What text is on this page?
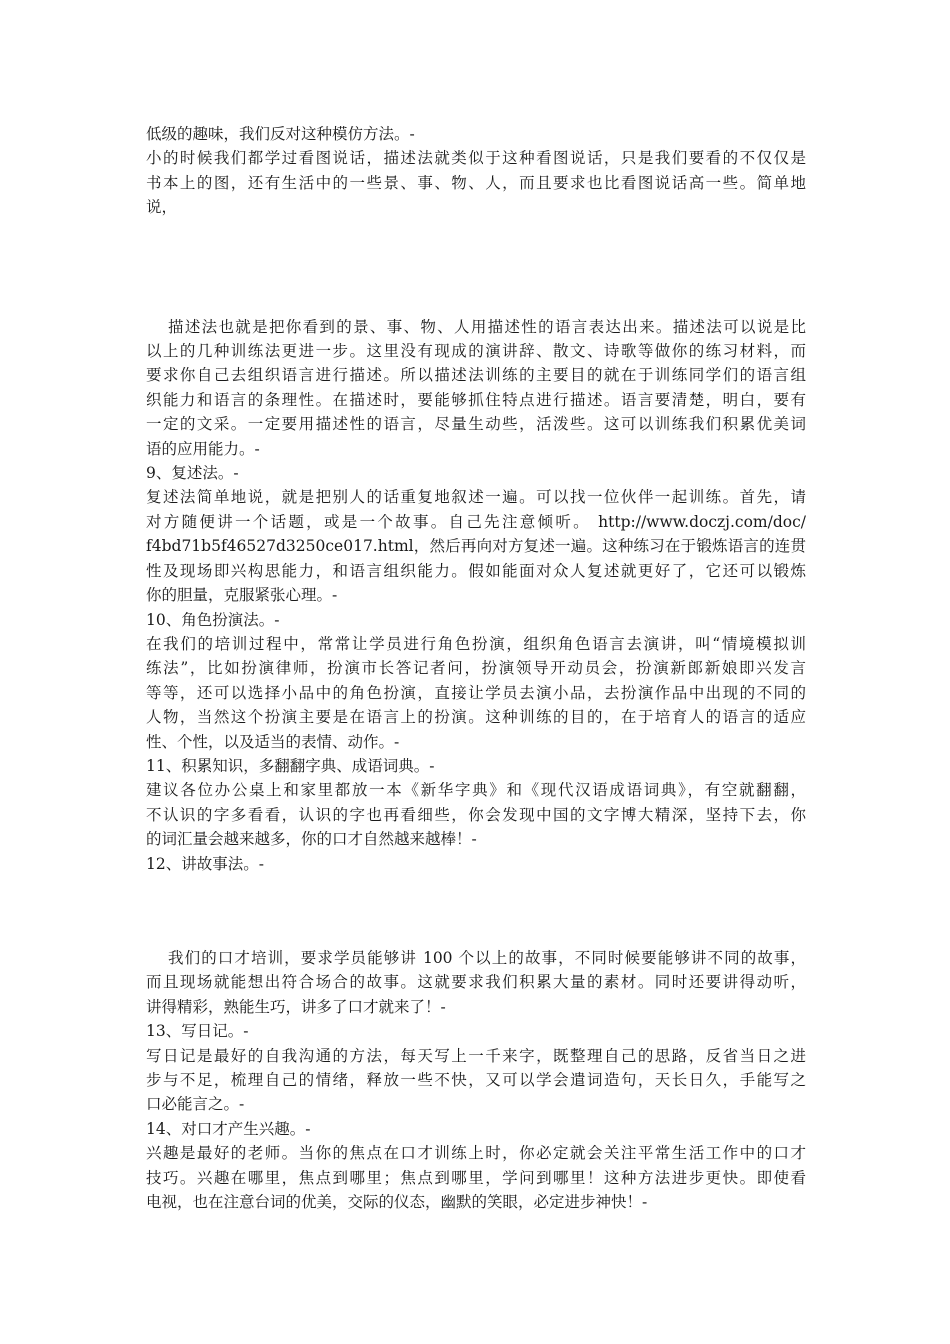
低级的趣味，我们反对这种模仿方法。-
小的时候我们都学过看图说话，描述法就类似于这种看图说话，只是我们要看的不仅仅是
书本上的图，还有生活中的一些景、事、物、人，而且要求也比看图说话高一些。简单地
说，
描述法也就是把你看到的景、事、物、人用描述性的语言表达出来。描述法可以说是比
以上的几种训练法更进一步。这里没有现成的演讲辞、散文、诗歌等做你的练习材料，而
要求你自己去组织语言进行描述。所以描述法训练的主要目的就在于训练同学们的语言组
织能力和语言的条理性。在描述时，要能够抓住特点进行描述。语言要清楚，明白，要有
一定的文采。一定要用描述性的语言，尽量生动些，活泼些。这可以训练我们积累优美词
语的应用能力。-
9、复述法。-
复述法简单地说，就是把别人的话重复地叙述一遍。可以找一位伙伴一起训练。首先，请
对方随便讲一个话题，或是一个故事。自己先注意倾听。 http://www.doczj.com/doc/
f4bd71b5f46527d3250ce017.html，然后再向对方复述一遍。这种练习在于锻炼语言的连贯
性及现场即兴构思能力，和语言组织能力。假如能面对众人复述就更好了，它还可以锻炼
你的胆量，克服紧张心理。-
10、角色扮演法。-
在我们的培训过程中，常常让学员进行角色扮演，组织角色语言去演讲，叫“情境模拟训
练法”，比如扮演律师，扮演市长答记者问，扮演领导开动员会，扮演新郎新娘即兴发言
等等，还可以选择小品中的角色扮演，直接让学员去演小品，去扮演作品中出现的不同的
人物，当然这个扮演主要是在语言上的扮演。这种训练的目的，在于培育人的语言的适应
性、个性，以及适当的表情、动作。-
11、积累知识，多翻翻字典、成语词典。-
建议各位办公桌上和家里都放一本《新华字典》和《现代汉语成语词典》，有空就翻翻，
不认识的字多看看，认识的字也再看细些，你会发现中国的文字博大精深，坚持下去，你
的词汇量会越来越多，你的口才自然越来越棒！-
12、讲故事法。-
我们的口才培训，要求学员能够讲 100 个以上的故事，不同时候要能够讲不同的故事，
而且现场就能想出符合场合的故事。这就要求我们积累大量的素材。同时还要讲得动听，
讲得精彩，熟能生巧，讲多了口才就来了！-
13、写日记。-
写日记是最好的自我沟通的方法，每天写上一千来字，既整理自己的思路，反省当日之进
步与不足，梳理自己的情绪，释放一些不快，又可以学会遣词造句，天长日久，手能写之
口必能言之。-
14、对口才产生兴趣。-
兴趣是最好的老师。当你的焦点在口才训练上时，你必定就会关注平常生活工作中的口才
技巧。兴趣在哪里，焦点到哪里；焦点到哪里，学问到哪里！这种方法进步更快。即使看
电视，也在注意台词的优美，交际的仪态，幽默的笑眼，必定进步神快！-
